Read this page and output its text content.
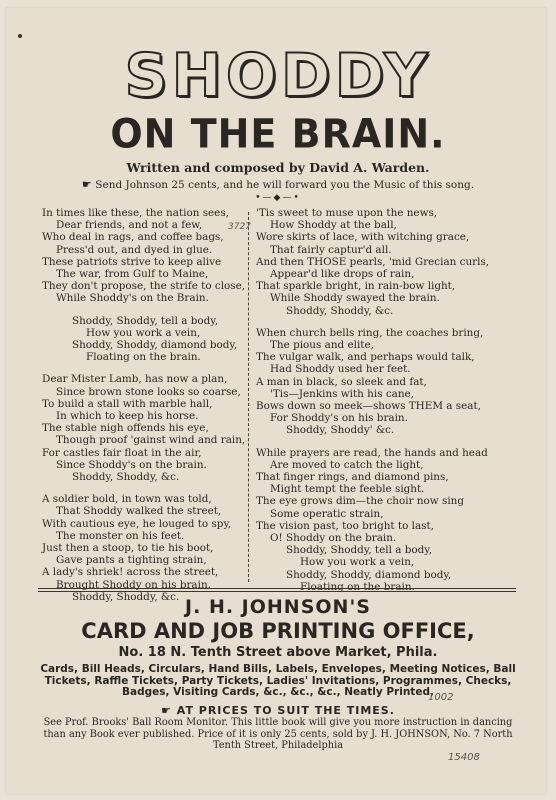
SHODDY
ON THE BRAIN.
Written and composed by David A. Warden.
☛ Send Johnson 25 cents, and he will forward you the Music of this song.
•—◆—•
In times like these, the nation sees,
Dear friends, and not a few,
Who deal in rags, and coffee bags,
Press'd out, and dyed in glue.
These patriots strive to keep alive
The war, from Gulf to Maine,
They don't propose, the strife to close,
While Shoddy's on the Brain.
Shoddy, Shoddy, tell a body,
How you work a vein,
Shoddy, Shoddy, diamond body,
Floating on the brain.
Dear Mister Lamb, has now a plan,
Since brown stone looks so coarse,
To build a stall with marble hall,
In which to keep his horse.
The stable nigh offends his eye,
Though proof 'gainst wind and rain,
For castles fair float in the air,
Since Shoddy's on the brain.
Shoddy, Shoddy, &c.
A soldier bold, in town was told,
That Shoddy walked the street,
With cautious eye, he louged to spy,
The monster on his feet.
Just then a stoop, to tie his boot,
Gave pants a tighting strain,
A lady's shriek! across the street,
Brought Shoddy on his brain.
Shoddy, Shoddy, &c.
'Tis sweet to muse upon the news,
How Shoddy at the ball,
Wore skirts of lace, with witching grace,
That fairly captur'd all.
And then THOSE pearls, 'mid Grecian curls,
Appear'd like drops of rain,
That sparkle bright, in rain-bow light,
While Shoddy swayed the brain.
Shoddy, Shoddy, &c.
When church bells ring, the coaches bring,
The pious and elite,
The vulgar walk, and perhaps would talk,
Had Shoddy used her feet.
A man in black, so sleek and fat,
'Tis—Jenkins with his cane,
Bows down so meek—shows THEM a seat,
For Shoddy's on his brain.
Shoddy, Shoddy' &c.
While prayers are read, the hands and head
Are moved to catch the light,
That finger rings, and diamond pins,
Might tempt the feeble sight.
The eye grows dim—the choir now sing
Some operatic strain,
The vision past, too bright to last,
O! Shoddy on the brain.
Shoddy, Shoddy, tell a body,
How you work a vein,
Shoddy, Shoddy, diamond body,
Floating on the brain.
J. H. JOHNSON'S
CARD AND JOB PRINTING OFFICE,
No. 18 N. Tenth Street above Market, Phila.
Cards, Bill Heads, Circulars, Hand Bills, Labels, Envelopes, Meeting Notices, Ball Tickets, Raffle Tickets, Party Tickets, Ladies' Invitations, Programmes, Checks, Badges, Visiting Cards, &c., &c., &c., Neatly Printed,
☛ AT PRICES TO SUIT THE TIMES.
See Prof. Brooks' Ball Room Monitor. This little book will give you more instruction in dancing than any Book ever published. Price of it is only 25 cents, sold by J. H. JOHNSON, No. 7 North Tenth Street, Philadelphia
3727
1002
15408
